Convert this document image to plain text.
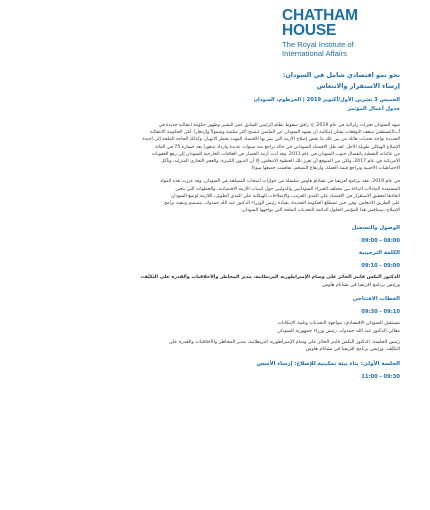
CHATHAM
HOUSE
The Royal Institute of
International Affairs
نحو نمو اقتصادي شامل في السودان:
إرساء الاستقرار والانتعاش
الخميس 3 تشرين الأول/أكتوبر 2019 | الخرطوم، السودان
جدول أعمال المؤتمر
شهد السودان تغيرات زلزالية في عام 2019، إذ رافق سقوط نظام الرئيس السابق عمر البشير وظهور حكومة انتقالية جديدة في
آب/أغسطس سقف التوقعات بشأن إمكانية أن يشهد السودان عن الماضي ليصبح أكثر سلمية وشمولاً وازدهاراً. لكن الحكومة الانتقالية
الجديدة تواجه تحديات هائلة من بين تلك ما يخص إصلاح الأزمة التي يمر بها الاقتصاد المهدد بخطر الانهيار، وكذلك الحاجة الملحة إلى أجندة
الإصلاح الهيكلي طويلة الأجل. لقد ظل الاقتصاد السوداني في حالة تراجع منذ سنوات عديدة وازداد تدهوراً بعد خسارة 75 في المائة
من عائداته النفطية بانفصال جنوب السودان في عام 2011. وقد أدت أزمة الحصار في العلاقات الخارجية للسودان إلى رفع العقوبات
الأمريكية في عام 2017، ولكن من المتوقع أن تعزز تلك الخطوة الانتعاش، إلا أن الديون الكبيرة، والعجز التجاري المتزايد، وتآكل
الاحتياطيات الأجنبية وتراجع قيمة العملة، وارتفاع التضخم، تفاقمت جميعها سوءاً.
في عام 2019، عقد برنامج أفريقيا في تشاتام هاوس سلسلة من حوارات أصحاب المصلحة في السودان، وقد عززت هذه المواد
المستمدة التبادلات البناءة بين مختلف الخبراء السودانيين والدوليين حول أسباب الأزمة الاقتصادية، والخطوات التي يتعين
اتخاذها لتحقيق الاستقرار في الاقتصاد على المدى القريب، والإصلاحات الهيكلية على المدى الطويل، اللازمة لوضع السودان
على الطريق الانتعاش. وفي حين تضطلع الحكومة الجديدة، بقيادة رئيس الوزراء الدكتور عبد الله حمدوك، بتصميم وتنفيذ برامج
الإصلاح، سيناقش هذا المؤتمر الحلول الدائمة للتحديات الملحة التي يواجهها السودان.
الوصول والتسجيل
08:00 - 09:00
الكلمة الترحيبية
09:00 - 09:10
الدكتور أليكس فاينز الحائز على وسام الإمبراطورية البريطانية، مدير المخاطر والأخلاقيات والقدرة على التكيّف،
ورئيس برنامج أفريقيا في تشاتام هاوس
الخطاب الافتتاحي
09:10 - 09:30
مستقبل السودان الاقتصادي: مواجهة التحديات وتلبية الإمكانات
معالي الدكتور عبد الله حمدوك، رئيس وزراء جمهورية السودان
رئيس الجلسة: الدكتور أليكس فاينز الحائز على وسام الإمبراطورية البريطانية، مدير المخاطر والأخلاقيات والقدرة على
التكيّف، ورئيس برنامج أفريقيا في تشاتام هاوس
الجلسة الأولى: بناء بيئة تمكينية للإصلاح: إرساء الأسس
09:30 - 11:00
